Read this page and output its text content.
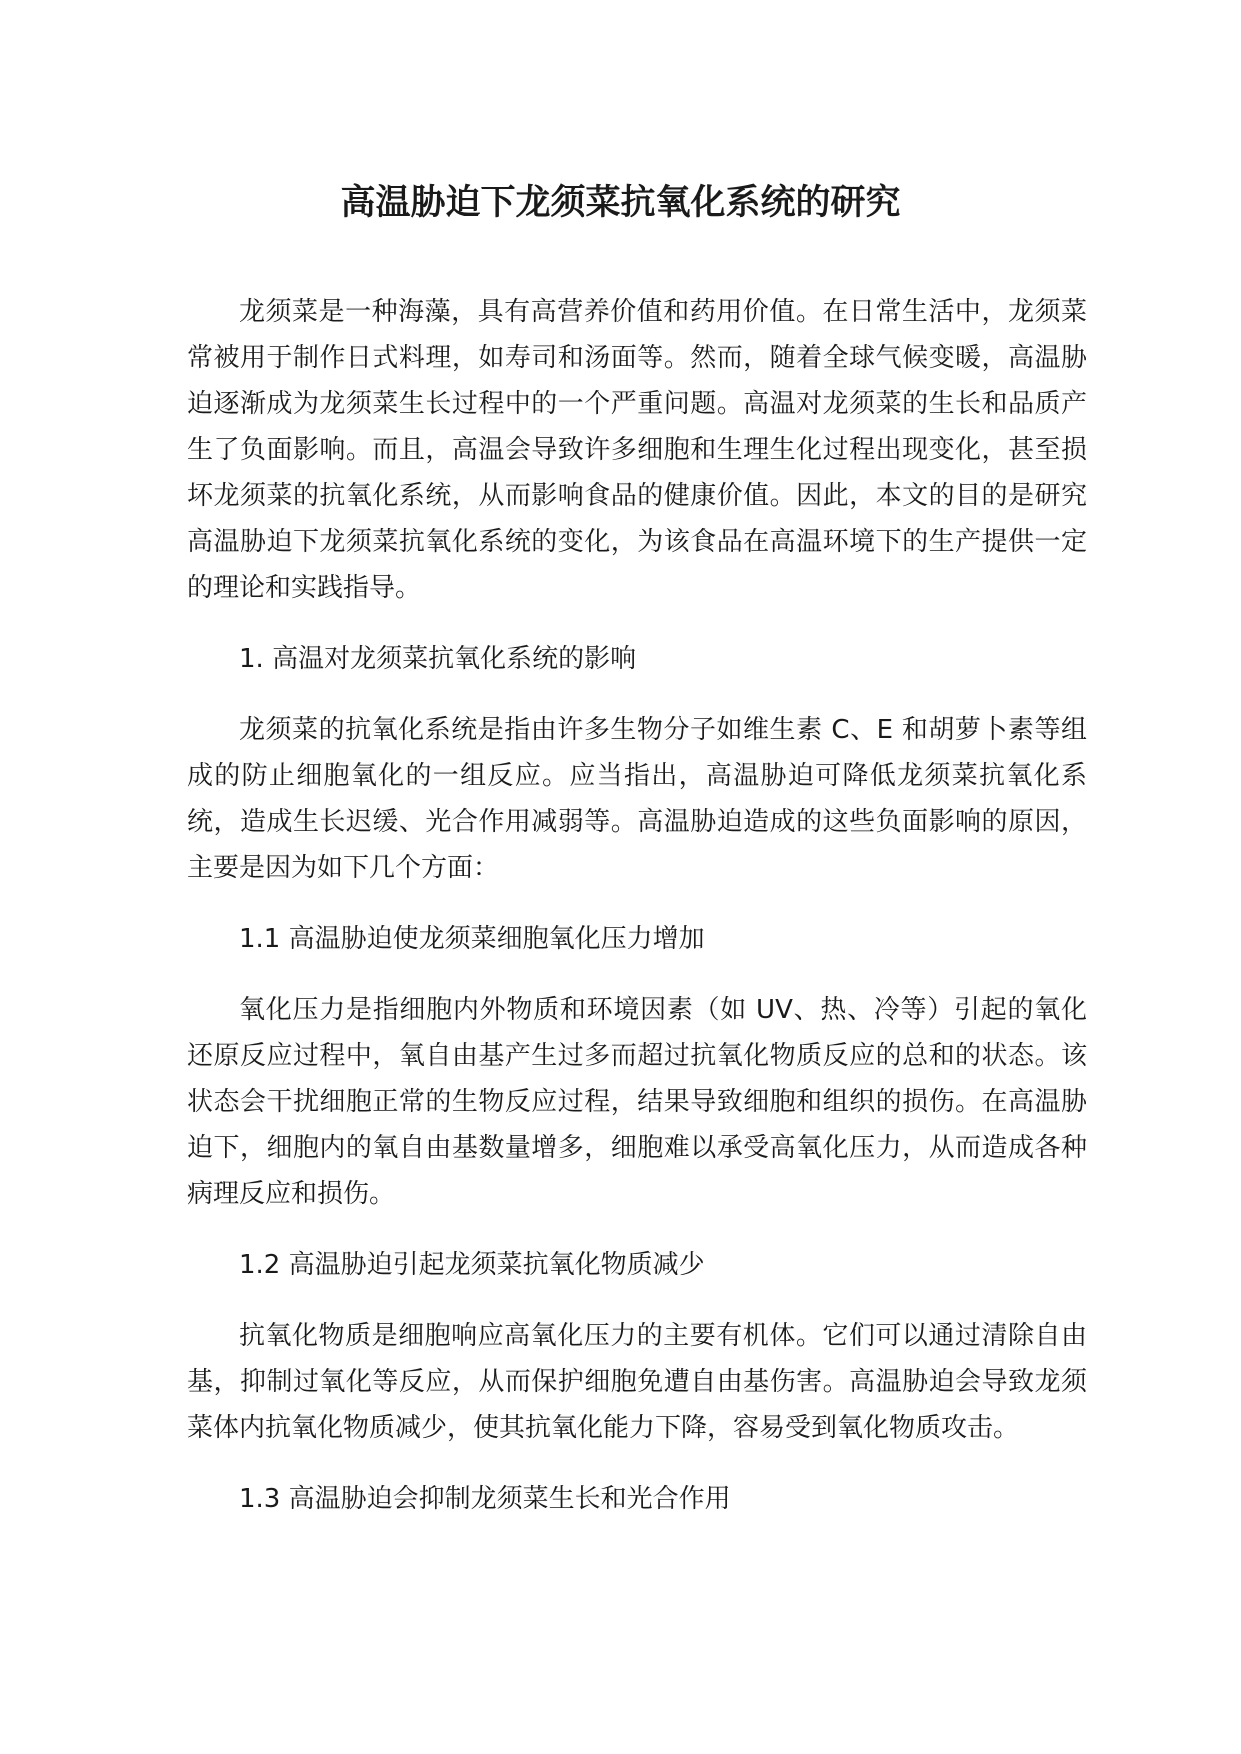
高温胁迫下龙须菜抗氧化系统的研究

龙须菜是一种海藻，具有高营养价值和药用价值。在日常生活中，龙须菜常被用于制作日式料理，如寿司和汤面等。然而，随着全球气候变暖，高温胁迫逐渐成为龙须菜生长过程中的一个严重问题。高温对龙须菜的生长和品质产生了负面影响。而且，高温会导致许多细胞和生理生化过程出现变化，甚至损坏龙须菜的抗氧化系统，从而影响食品的健康价值。因此，本文的目的是研究高温胁迫下龙须菜抗氧化系统的变化，为该食品在高温环境下的生产提供一定的理论和实践指导。

1. 高温对龙须菜抗氧化系统的影响

龙须菜的抗氧化系统是指由许多生物分子如维生素 C、E 和胡萝卜素等组成的防止细胞氧化的一组反应。应当指出，高温胁迫可降低龙须菜抗氧化系统，造成生长迟缓、光合作用减弱等。高温胁迫造成的这些负面影响的原因，主要是因为如下几个方面：

1.1 高温胁迫使龙须菜细胞氧化压力增加

氧化压力是指细胞内外物质和环境因素（如 UV、热、冷等）引起的氧化还原反应过程中，氧自由基产生过多而超过抗氧化物质反应的总和的状态。该状态会干扰细胞正常的生物反应过程，结果导致细胞和组织的损伤。在高温胁迫下，细胞内的氧自由基数量增多，细胞难以承受高氧化压力，从而造成各种病理反应和损伤。

1.2 高温胁迫引起龙须菜抗氧化物质减少

抗氧化物质是细胞响应高氧化压力的主要有机体。它们可以通过清除自由基，抑制过氧化等反应，从而保护细胞免遭自由基伤害。高温胁迫会导致龙须菜体内抗氧化物质减少，使其抗氧化能力下降，容易受到氧化物质攻击。

1.3 高温胁迫会抑制龙须菜生长和光合作用
